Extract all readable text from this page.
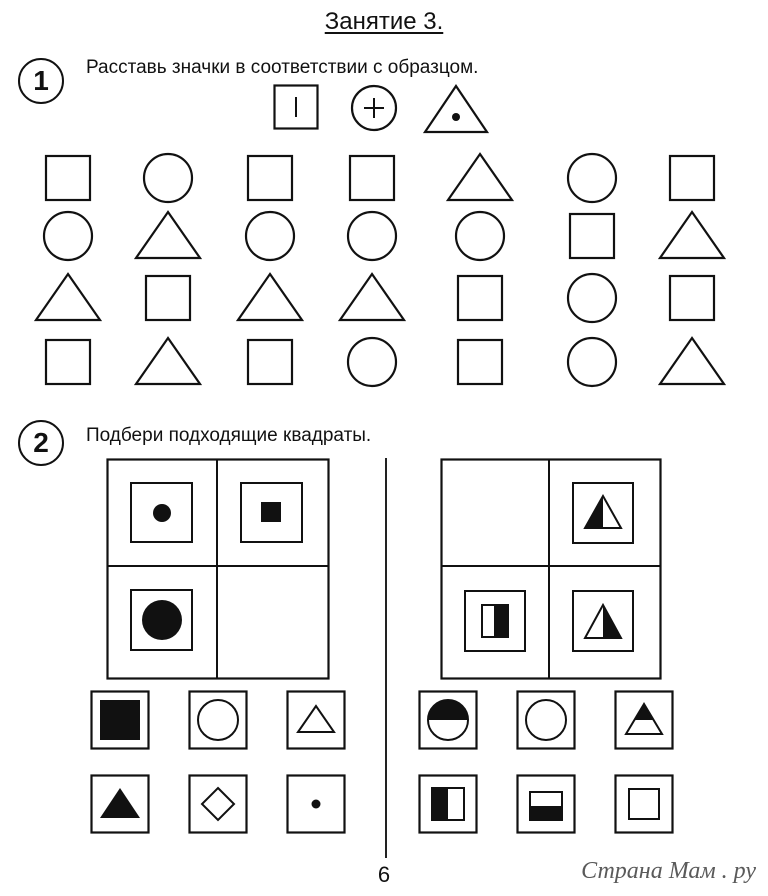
Занятие 3.
1	Расставь значки в соответствии с образцом.
2	Подбери подходящие квадраты.
6	Страна Мам . ру
